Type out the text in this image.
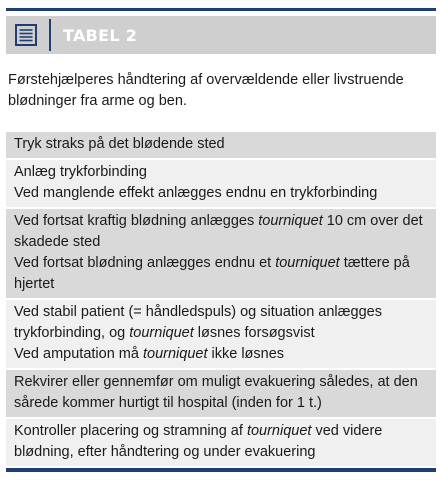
TABEL 2
Førstehjælperes håndtering af overvældende eller livstruende blødninger fra arme og ben.

Tryk straks på det blødende sted

Anlæg trykforbinding

Ved manglende effekt anlægges endnu en trykforbinding

Ved fortsat kraftig blødning anlægges tourniquet 10 cm over det skadede sted

Ved fortsat blødning anlægges endnu et tourniquet tættere på hjertet

Ved stabil patient (= håndledspuls) og situation anlægges trykforbinding, og tourniquet løsnes forsøgsvist

Ved amputation må tourniquet ikke løsnes

Rekvirer eller gennemfør om muligt evakuering således, at den sårede kommer hurtigt til hospital (inden for 1 t.)

Kontroller placering og stramning af tourniquet ved videre blødning, efter håndtering og under evakuering
